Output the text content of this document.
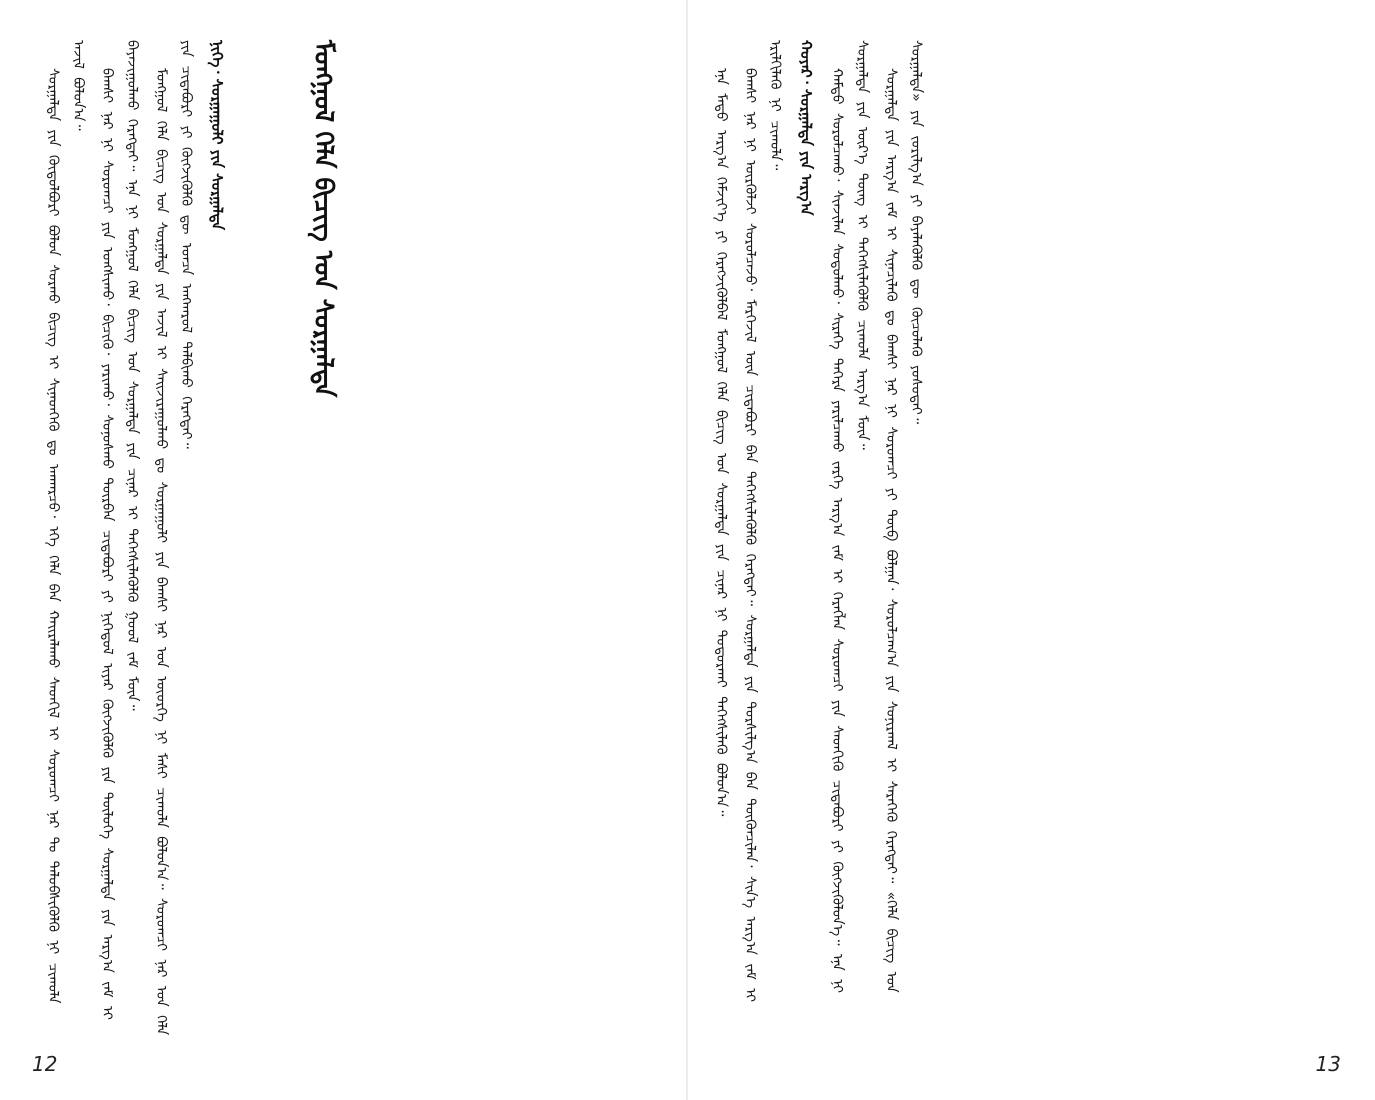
ᠰᠤᠷᠭᠠᠯᠲᠠ ᠶᠢᠨ ᠬᠥᠲᠦᠯᠪᠦᠷᠢ ᠪᠣᠯᠤᠨ ᠰᠤᠷᠬᠤ ᠪᠢᠴᠢᠭ ᠢ ᠰᠢᠨᠡᠳᠭᠡᠬᠦ ᠳᠤ ᠠᠨᠬᠠᠷᠴᠤ᠂ ᠡᠬᠡ ᠬᠡᠯᠡ ᠪᠡᠨ ᠬᠠᠢᠷᠠᠯᠠᠬᠤ ᠰᠡᠳᠬᠢᠯ ᠢ ᠰᠤᠷᠤᠭᠴᠢ ᠨᠠᠷ ᠲᠤ ᠲᠡᠯᠦᠪᠰᠢᠭᠦᠯᠬᠦ ᠨᠢ ᠴᠢᠬᠤᠯᠠ ᠠᠵᠢᠯ ᠪᠣᠯᠤᠨ᠎ᠠ᠃ ᠪᠠᠭᠰᠢ ᠨᠠᠷ ᠨᠢ ᠰᠤᠷᠤᠭᠴᠢ ᠶᠢᠨ ᠤᠩᠰᠢᠬᠤ᠂ ᠪᠢᠴᠢᠬᠦ᠂ ᠶᠠᠷᠢᠬᠤ᠂ ᠰᠣᠨᠣᠰᠬᠤ ᠳᠥᠷᠪᠡᠨ ᠴᠢᠳᠠᠪᠤᠷᠢ ᠶᠢ ᠨᠢᠭᠡᠳᠦᠯ ᠢᠶᠡᠷ ᠬᠥᠭᠵᠢᠭᠦᠯᠬᠦ ᠶᠢᠨ ᠲᠥᠯᠦᠭᠡ ᠰᠤᠷᠭᠠᠯᠲᠠ ᠶᠢᠨ ᠠᠷᠭ᠎ᠠ ᠵᠠᠮ ᠢ ᠪᠠᠶᠠᠵᠢᠭᠤᠯᠬᠤ ᠬᠡᠷᠡᠭᠲᠡᠢ᠃ ᠡᠨᠡ ᠨᠢ ᠮᠣᠩᠭᠣᠯ ᠬᠡᠯᠡ ᠪᠢᠴᠢᠭ ᠤᠨ ᠰᠤᠷᠭᠠᠯᠲᠠ ᠶᠢᠨ ᠴᠢᠨᠠᠷ ᠢ ᠳᠡᠭᠡᠭᠰᠢᠯᠡᠭᠦᠯᠬᠦ ᠭᠣᠣᠯ ᠵᠠᠮ ᠮᠥᠨ᠃ ᠮᠣᠩᠭᠣᠯ ᠬᠡᠯᠡ ᠪᠢᠴᠢᠭ ᠤᠨ ᠰᠤᠷᠭᠠᠯᠲᠠ ᠶᠢᠨ ᠠᠵᠢᠯ ᠢ ᠰᠠᠢᠵᠢᠷᠠᠭᠤᠯᠬᠤ ᠳᠤ ᠰᠤᠷᠭᠠᠭᠤᠯᠢ ᠶᠢᠨ ᠪᠠᠭᠰᠢ ᠨᠠᠷ ᠤᠨ ᠦᠦᠷᠭᠡ ᠨᠢ ᠮᠠᠰᠢ ᠴᠢᠬᠤᠯᠠ ᠪᠣᠯᠤᠨ᠎ᠠ᠃ ᠰᠤᠷᠤᠭᠴᠢ ᠨᠠᠷ ᠤᠨ ᠬᠡᠯᠡ ᠶᠢᠨ ᠴᠢᠳᠠᠪᠤᠷᠢ ᠶᠢ ᠬᠥᠭᠵᠢᠭᠦᠯᠬᠦ ᠳᠦ ᠣᠨᠴᠠ ᠠᠩᠬᠠᠷᠤᠯ ᠲᠠᠯᠪᠢᠬᠤ ᠬᠡᠷᠡᠭᠲᠡᠢ᠃ ᠨᠢᠭᠡ᠂ ᠰᠤᠷᠭᠠᠭᠤᠯᠢ ᠶᠢᠨ ᠰᠤᠷᠭᠠᠯᠲᠠ	ᠮᠣᠩᠭᠣᠯ ᠬᠡᠯᠡ ᠪᠢᠴᠢᠭ ᠤᠨ ᠰᠤᠷᠭᠠᠯᠲᠠ
12

ᠡᠨᠡ ᠮᠡᠳᠦ ᠠᠷᠭ᠎ᠠ ᠬᠡᠮᠵᠢᠶ᠎ᠡ ᠶᠢ ᠬᠡᠷᠡᠭᠵᠢᠭᠦᠯᠪᠡᠯ ᠮᠣᠩᠭᠣᠯ ᠬᠡᠯᠡ ᠪᠢᠴᠢᠭ ᠤᠨ ᠰᠤᠷᠭᠠᠯᠲᠠ ᠶᠢᠨ ᠴᠢᠨᠠᠷ ᠨᠢ ᠲᠣᠳᠤᠷᠬᠠᠢ ᠳᠡᠭᠡᠭᠰᠢᠯᠡᠬᠦ ᠪᠣᠯᠤᠨ᠎ᠠ᠃ ᠪᠠᠭᠰᠢ ᠨᠠᠷ ᠨᠢ ᠦᠷᠭᠦᠯᠵᠢ ᠰᠤᠷᠤᠯᠴᠠᠵᠤ᠂ ᠮᠡᠷᠭᠡᠵᠢᠯ ᠦᠨ ᠴᠢᠳᠠᠪᠤᠷᠢ ᠪᠠᠨ ᠳᠡᠭᠡᠭᠰᠢᠯᠡᠭᠦᠯᠬᠦ ᠬᠡᠷᠡᠭᠲᠡᠢ᠃ ᠰᠤᠷᠭᠠᠯᠲᠠ ᠶᠢᠨ ᠲᠤᠷᠰᠢᠯᠭ᠎ᠠ ᠪᠠᠨ ᠳᠦᠭᠦᠨᠴᠢᠯᠡᠨ᠂ ᠰᠢᠨ᠎ᠡ ᠠᠷᠭ᠎ᠠ ᠵᠠᠮ ᠢ ᠡᠷᠢᠯᠬᠢᠯᠡᠬᠦ ᠨᠢ ᠴᠢᠬᠤᠯᠠ᠃ ᠬᠣᠶᠠᠷ᠂ ᠰᠤᠷᠭᠠᠯᠲᠠ ᠶᠢᠨ ᠠᠷᠭ᠎ᠠ	ᠬᠠᠮᠲᠤ ᠰᠤᠷᠤᠯᠴᠠᠬᠤ᠂ ᠰᠢᠨᠵᠢᠯᠡᠨ ᠰᠤᠳᠤᠯᠬᠤ᠂ ᠰᠢᠷᠡᠭᠡ ᠳᠡᠭᠡᠷᠡ ᠶᠠᠷᠢᠯᠴᠠᠬᠤ ᠵᠡᠷᠭᠡ ᠠᠷᠭ᠎ᠠ ᠵᠠᠮ ᠢ ᠬᠡᠷᠡᠭᠯᠡᠨ ᠰᠤᠷᠤᠭᠴᠢ ᠶᠢᠨ ᠰᠡᠳᠬᠢᠬᠦ ᠴᠢᠳᠠᠪᠤᠷᠢ ᠶᠢ ᠬᠥᠭᠵᠢᠭᠦᠯᠦᠨ᠎ᠡ᠃ ᠡᠨᠡ ᠨᠢ ᠰᠤᠷᠭᠠᠯᠲᠠ ᠶᠢᠨ ᠦᠷ᠎ᠡ ᠳᠦᠩ ᠢ ᠳᠡᠭᠡᠭᠰᠢᠯᠡᠭᠦᠯᠬᠦ ᠴᠢᠬᠤᠯᠠ ᠠᠷᠭ᠎ᠠ ᠮᠥᠨ᠃ ᠰᠤᠷᠭᠠᠯᠲᠠ ᠶᠢᠨ ᠠᠷᠭ᠎ᠠ ᠵᠠᠮ ᠢ ᠰᠢᠨᠡᠴᠢᠯᠡᠬᠦ ᠳᠤ ᠪᠠᠭᠰᠢ ᠨᠠᠷ ᠨᠢ ᠰᠤᠷᠤᠭᠴᠢ ᠶᠢ ᠲᠥᠪ ᠪᠣᠯᠭᠠᠨ᠂ ᠰᠤᠷᠤᠯᠴᠠᠭ᠎ᠠ ᠶᠢᠨ ᠰᠣᠨᠢᠷᠬᠠᠯ ᠢ ᠰᠡᠷᠡᠭᠡᠬᠦ ᠬᠡᠷᠡᠭᠲᠡᠢ᠃ «ᠬᠡᠯᠡ ᠪᠢᠴᠢᠭ ᠤᠨ ᠰᠤᠷᠭᠠᠯᠲᠠ» ᠶᠢᠨ ᠵᠣᠷᠢᠯᠭ᠎ᠠ ᠶᠢ ᠪᠡᠶᠡᠯᠡᠭᠦᠯᠬᠦ ᠳᠦ ᠬᠦᠴᠦᠯᠡᠬᠦ ᠶᠣᠰᠣᠲᠠᠢ᠃

13
